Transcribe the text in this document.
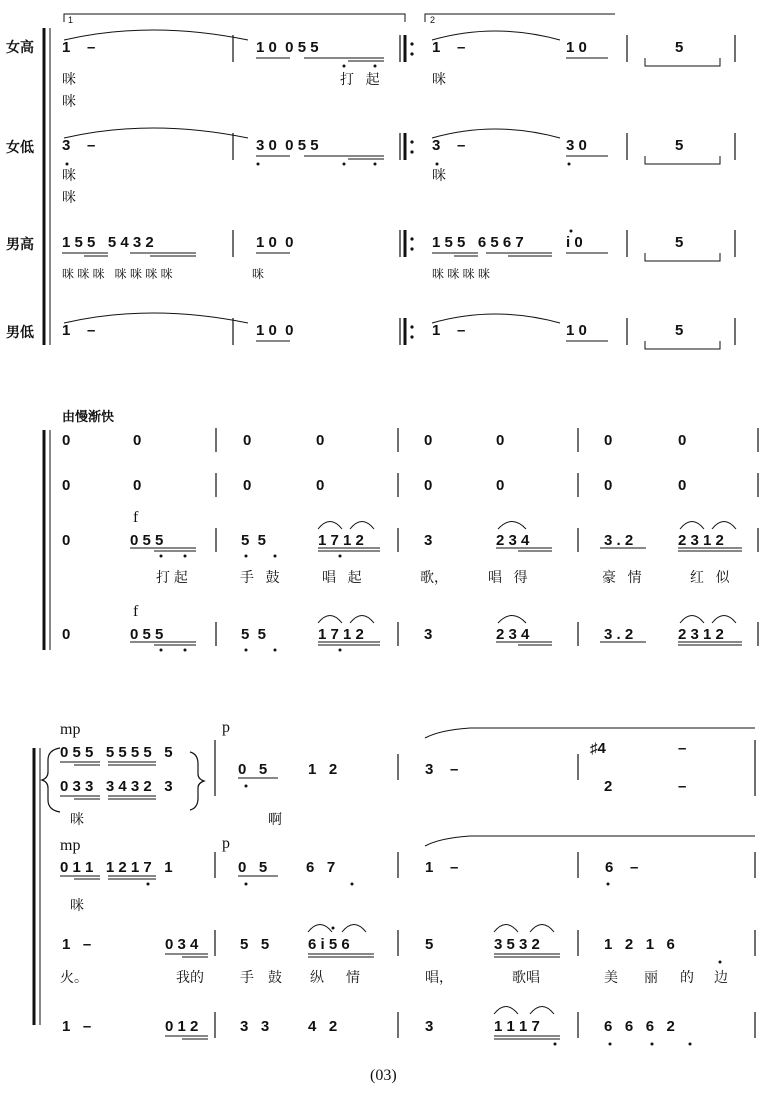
女高
女低
男高
男低
1	2
1    –	1 0  0 5 5	1    –	1 0	5
咪
咪
打   起	咪
3    –	3 0  0 5 5	3    –	3 0	5
咪
咪
咪
1 5 5   5 4 3 2	1 0  0	1 5 5   6 5 6 7	i 0	5
咪 咪 咪   咪 咪 咪 咪	咪	咪 咪 咪 咪
1    –	1 0  0	1    –	1 0	5
由慢渐快
0	0	0	0	0	0	0	0
0	0	0	0	0	0	0	0
f
0	0 5 5	5  5	1 7 1 2	3	2 3 4	3 . 2	2 3 1 2
打 起	手   鼓	唱   起	歌，	唱   得	豪   情	红   似
f
0	0 5 5	5  5	1 7 1 2	3	2 3 4	3 . 2	2 3 1 2
mp	p
0 5 5   5 5 5 5   5
0 3 3   3 4 3 2   3
0   5	1   2	3    –
♯4	–
2	–
咪	啊
mp	p
0 1 1   1 2 1 7   1	0   5	6   7	1    –	6    –
咪
1   –	0 3 4	5   5	6 i 5 6	5	3 5 3 2	1   2   1   6
火。	我的	手 鼓 纵 情	唱，	歌唱	美 丽 的 边
1   –	0 1 2	3   3	4   2	3	1 1 1 7	6   6   6   2
(03)
